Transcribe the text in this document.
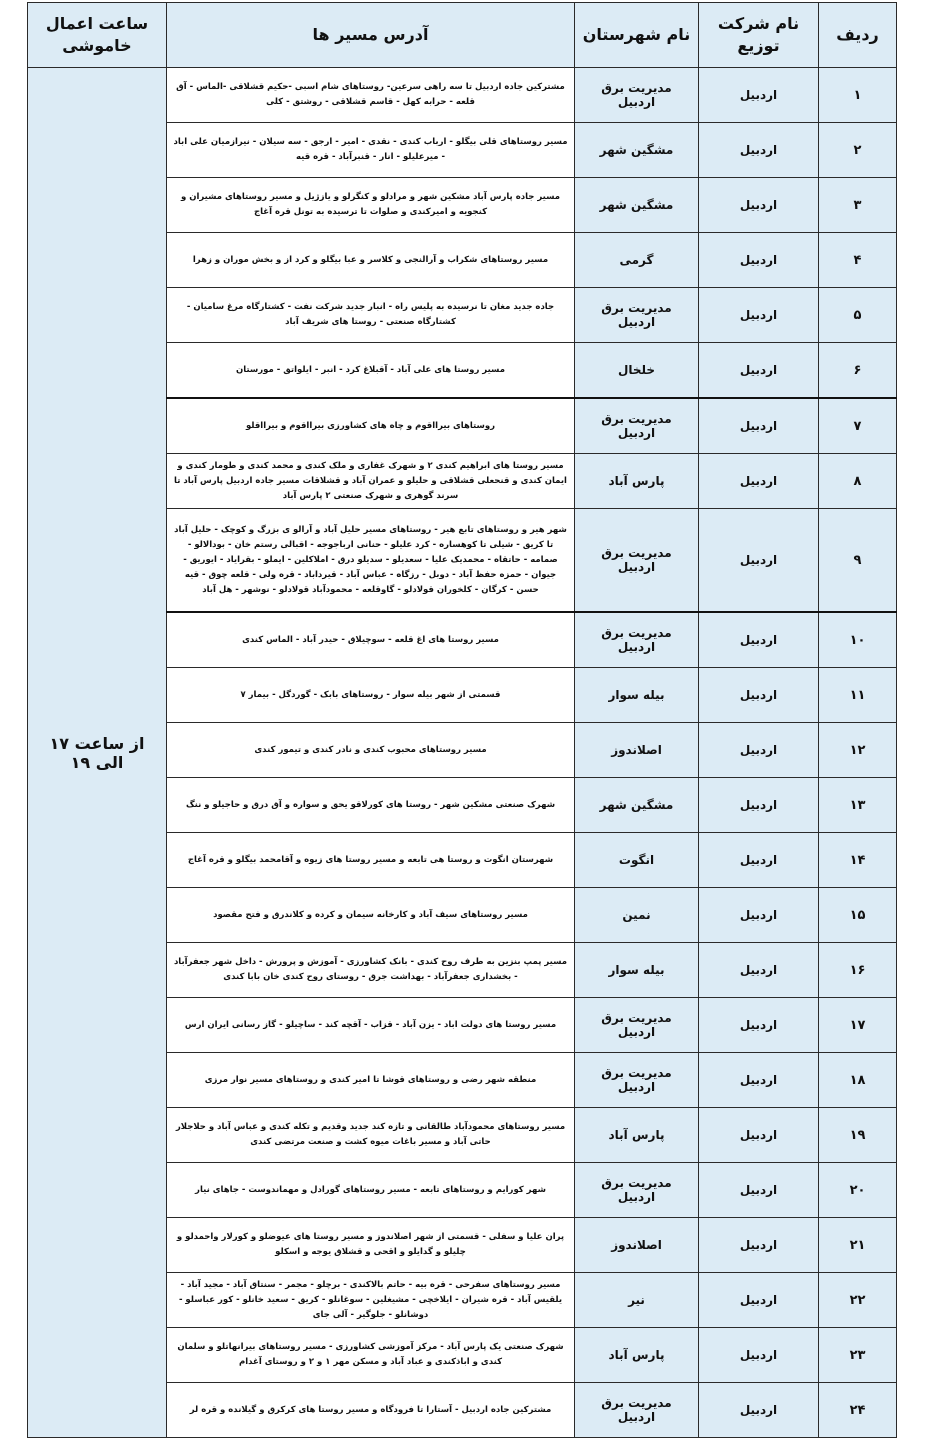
ردیف	نام شرکت توزیع	نام شهرستان	آدرس مسیر ها	ساعت اعمال خاموشی
۱	اردبیل	مدیریت برق اردبیل	مشترکین جاده اردبیل تا سه راهی سرعین- روستاهای شام اسبی -حکیم قشلاقی -الماس - آق قلعه - حرابه کهل - قاسم قشلاقی - روشتق - کلی	از ساعت ۱۷ الی ۱۹
۲	اردبیل	مشگین شهر	مسیر روستاهای قلی بیگلو - ارباب کندی - نقدی - امیر - ارجق - سه سیلان - نیرازمیان علی اباد - میرعلیلو - انار - قنبرآباد - قره قیه	
۳	اردبیل	مشگین شهر	مسیر جاده پارس آباد مشکین شهر و مرادلو و کنگرلو و یازژیل و مسیر روستاهای مشیران و کنجویه و امیرکندی و صلوات تا ترسیده به تونل قره آغاج	
۴	اردبیل	گرمی	مسیر روستاهای شکراب و آرالنجی و کلاسر و عبا بیگلو و کرد از و بخش موران و زهرا	
۵	اردبیل	مدیریت برق اردبیل	جاده جدید مغان تا نرسیده به پلیس راه - انبار جدید شرکت نفت - کشتارگاه مرغ سامیان - کشتارگاه صنعتی - روستا های شریف آباد	
۶	اردبیل	خلخال	مسیر روستا های علی آباد - آقبلاغ کرد - انبر - ایلواتق - مورستان	
۷	اردبیل	مدیریت برق اردبیل	روستاهای بیرااقوم و چاه های کشاورزی بیرااقوم و بیرااقلو	
۸	اردبیل	پارس آباد	مسیر روستا های ابراهیم کندی ۲ و شهرک غفاری و ملک کندی و محمد کندی و طومار کندی و ایمان کندی و قنحعلی قشلاقی و حلیلو و عمران آباد و قشلاقات مسیر جاده اردبیل پارس آباد تا سرند گوهری و شهرک صنعتی ۲ پارس آباد	
۹	اردبیل	مدیریت برق اردبیل	شهر هیر و روستاهای تابع هیر - روستاهای مسیر حلیل آباد و آرالو ی بزرگ و کوچک - حلیل آباد تا کریق - شیلی تا کوهساره - کرد علیلو - حنانی ارباجوجه - اقبالی رستم خان - بودالالو - صمامه - حاتقاه - محمدیک علیا - سعدیلو - سدیلو درق - املاکلین - ایملو - بقرایاد - ایوریق - جیوان - حمزه حفظ آباد - دوبل - رزگاه - عباس آباد - قیرداباد - قره ولی - قلعه چوق - قیه حسن - کرگان - کلخوران قولادلو - گاوقلعه - محمودآباد قولادلو - نوشهر - هل آباد	
۱۰	اردبیل	مدیریت برق اردبیل	مسیر روستا های اغ قلعه - سوچیلاق - حیدر آباد - الماس کندی	
۱۱	اردبیل	بیله سوار	قسمتی از شهر بیله سوار - روستاهای بابک - گوردگل - بیمار ۷	
۱۲	اردبیل	اصلاندوز	مسیر روستاهای محبوب کندی و نادر کندی و تیمور کندی	
۱۳	اردبیل	مشگین شهر	شهرک صنعتی مشکین شهر - روستا های کورلاقو یحق و سواره و آق درق و حاجیلو و ننگ	
۱۴	اردبیل	انگوت	شهرستان انگوت و روستا هی تابعه و مسیر روستا های زیوه و آقامحمد بیگلو و قره آغاج	
۱۵	اردبیل	نمین	مسیر روستاهای سیف آباد و کارخانه سیمان و کرده و کلاندرق و فتح مقصود	
۱۶	اردبیل	بیله سوار	مسیر پمپ بنزین به طرف روح کندی - بانک کشاورزی - آموزش و پرورش - داخل شهر جعفرآباد - بخشداری جعفرآباد - بهداشت جرق - روستای روح کندی خان بابا کندی	
۱۷	اردبیل	مدیریت برق اردبیل	مسیر روستا های دولت اباد - یزن آباد - قزاب - آقچه کند - ساچیلو - گاز رسانی ایران ارس	
۱۸	اردبیل	مدیریت برق اردبیل	منطقه شهر رضی و روستاهای قوشا تا امیر کندی و روستاهای مسیر نوار مرزی	
۱۹	اردبیل	پارس آباد	مسیر روستاهای محمودآباد طالقانی و تازه کند جدید وقدیم و تکله کندی و عباس آباد و حلاجلار حاتی آباد و مسیر باغات میوه کشت و صنعت مرتضی کندی	
۲۰	اردبیل	مدیریت برق اردبیل	شهر کورایم و روستاهای تابعه - مسیر روستاهای گورادل و مهماندوست - جاهای نیار	
۲۱	اردبیل	اصلاندوز	پران علیا و سفلی - قسمتی از شهر اصلاندوز و مسیر روستا های عیوضلو و کورلار واحمدلو و چلیلو و گدایلو و اقحی و قشلاق یوجه و اسکلو	
۲۲	اردبیل	نیر	مسیر روستاهای سفرحی - قره بیه - حاتم بالاکندی - برچلو - مجمر - سنتاق آباد - مجید آباد - یلقیس آباد - قره شیران - ایلاخچی - مشیغلین - سوغانلو - کریق - سعید خانلو - کور عباسلو - دوشانلو - جلوگیر - آلی جای	
۲۳	اردبیل	پارس آباد	شهرک صنعتی یک پارس آباد - مرکز آموزشی کشاورزی - مسیر روستاهای بیرانهاتلو و سلمان کندی و اباذکندی و عباد آباد و مسکن مهر ۱ و ۲ و روستای آغدام	
۲۴	اردبیل	مدیریت برق اردبیل	مشترکین جاده اردبیل - آستارا تا فرودگاه و مسیر روستا های کرکرق و گیلانده و قره لر	
